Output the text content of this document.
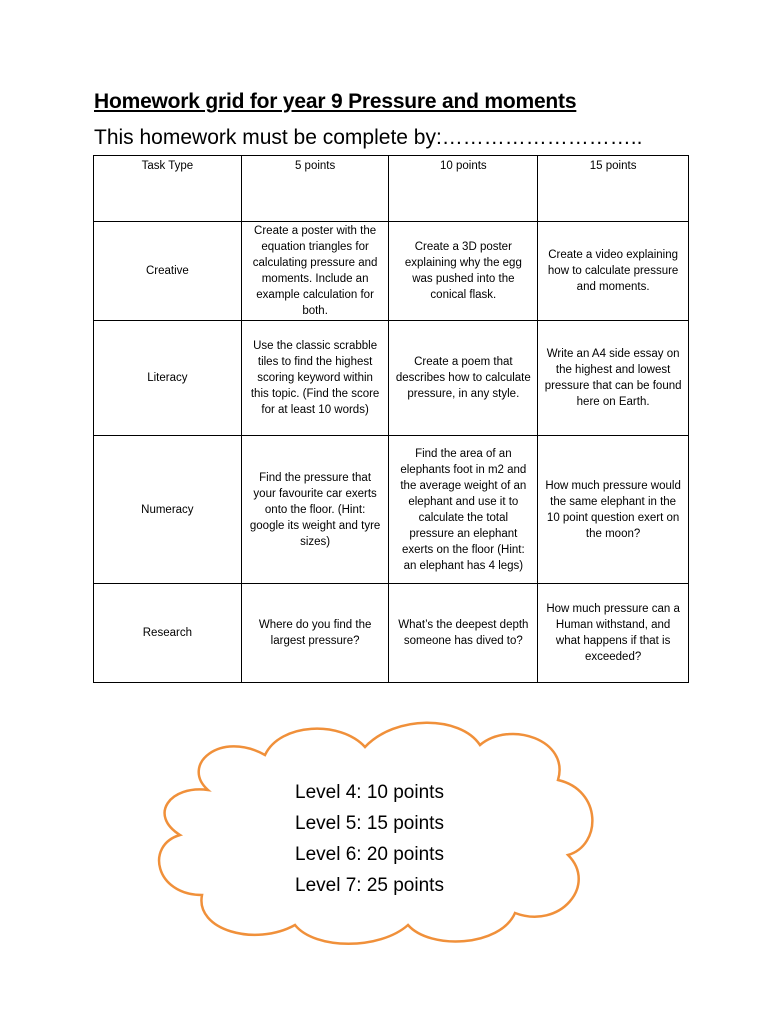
Homework grid for year 9 Pressure and moments

This homework must be complete by:………………………..

Task Type	5 points	10 points	15 points
Creative	Create a poster with the equation triangles for calculating pressure and moments. Include an example calculation for both.	Create a 3D poster explaining why the egg was pushed into the conical flask.	Create a video explaining how to calculate pressure and moments.
Literacy	Use the classic scrabble tiles to find the highest scoring keyword within this topic. (Find the score for at least 10 words)	Create a poem that describes how to calculate pressure, in any style.	Write an A4 side essay on the highest and lowest pressure that can be found here on Earth.
Numeracy	Find the pressure that your favourite car exerts onto the floor. (Hint: google its weight and tyre sizes)	Find the area of an elephants foot in m2 and the average weight of an elephant and use it to calculate the total pressure an elephant exerts on the floor (Hint: an elephant has 4 legs)	How much pressure would the same elephant in the 10 point question exert on the moon?
Research	Where do you find the largest pressure?	What’s the deepest depth someone has dived to?	How much pressure can a Human withstand, and what happens if that is exceeded?
Level 4: 10 points
Level 5: 15 points
Level 6: 20 points
Level 7: 25 points
